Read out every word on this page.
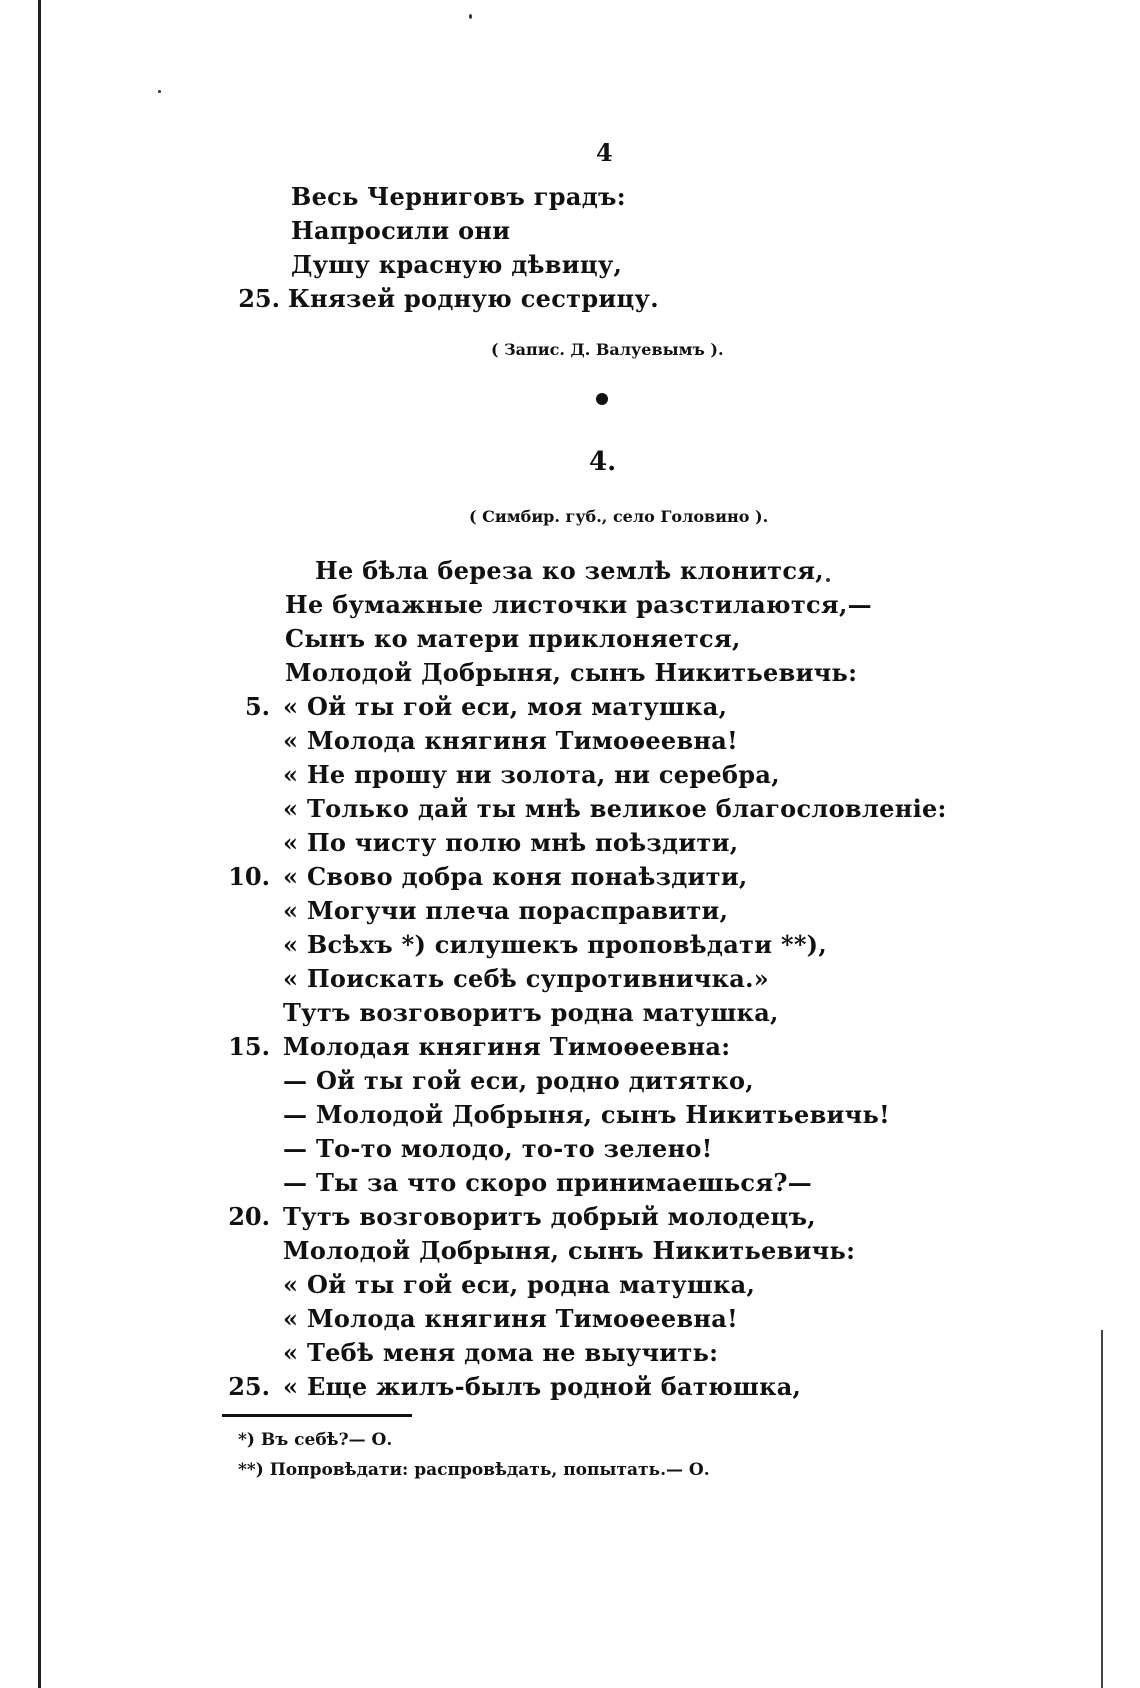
4
Весь Черниговъ градъ:
Напросили они
Душу красную дѣвицу,
25. Князей родную сестрицу.
( Запис. Д. Валуевымъ ).
4.
( Симбир. губ., село Головино ).
Не бѣла береза ко землѣ клонится,
Не бумажные листочки разстилаются,—
Сынъ ко матери приклоняется,
Молодой Добрыня, сынъ Никитьевичь:
5. « Ой ты гой еси, моя матушка,
« Молода княгиня Тимоѳеевна!
« Не прошу ни золота, ни серебра,
« Только дай ты мнѣ великое благословленіе:
« По чисту полю мнѣ поѣздити,
10. « Свово добра коня понаѣздити,
« Могучи плеча порасправити,
« Всѣхъ *) силушекъ проповѣдати **),
« Поискать себѣ супротивничка.»
Тутъ возговоритъ родна матушка,
15. Молодая княгиня Тимоѳеевна:
— Ой ты гой еси, родно дитятко,
— Молодой Добрыня, сынъ Никитьевичь!
— То-то молодо, то-то зелено!
— Ты за что скоро принимаешься?—
20. Тутъ возговоритъ добрый молодецъ,
Молодой Добрыня, сынъ Никитьевичь:
« Ой ты гой еси, родна матушка,
« Молода княгиня Тимоѳеевна!
« Тебѣ меня дома не выучить:
25. « Еще жилъ-былъ родной батюшка,
*) Въ себѣ?— О.
**) Попровѣдати: распровѣдать, попытать.— О.
